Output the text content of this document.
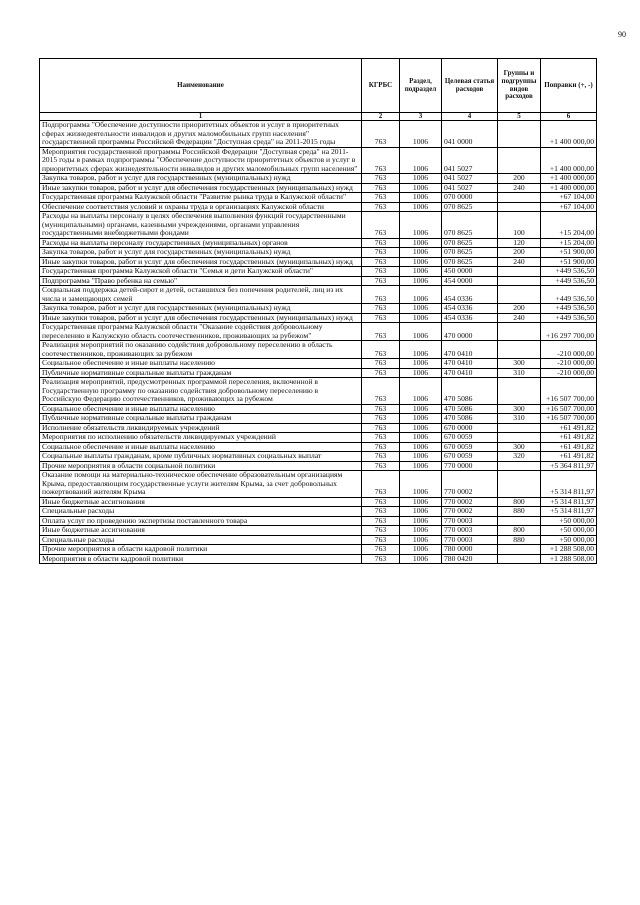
90
Наименование	КГРБС	Раздел, подраздел	Целевая статья расходов	Группы и подгруппы видов расходов	Поправки (+, -)
1	2	3	4	5	6
Подпрограмма "Обеспечение доступности приоритетных объектов и услуг в приоритетных сферах жизнедеятельности инвалидов и других маломобильных групп населения" государственной программы Российской Федерации "Доступная среда" на 2011-2015 годы	763	1006	041 0000		+1 400 000,00
Мероприятия государственной программы Российской Федерации "Доступная среда" на 2011-2015 годы в рамках подпрограммы "Обеспечение доступности приоритетных объектов и услуг в приоритетных сферах жизнедеятельности инвалидов и других маломобильных групп населения"	763	1006	041 5027		+1 400 000,00
Закупка товаров, работ и услуг для государственных (муниципальных) нужд	763	1006	041 5027	200	+1 400 000,00
Иные закупки товаров, работ и услуг для обеспечения государственных (муниципальных) нужд	763	1006	041 5027	240	+1 400 000,00
Государственная программа Калужской области "Развитие рынка труда в Калужской области"	763	1006	070 0000		+67 104,00
Обеспечение соответствия условий и охраны труда в организациях Калужской области	763	1006	070 8625		+67 104,00
Расходы на выплаты персоналу в целях обеспечения выполнения функций государственными (муниципальными) органами, казенными учреждениями, органами управления государственными внебюджетными фондами	763	1006	070 8625	100	+15 204,00
Расходы на выплаты персоналу государственных (муниципальных) органов	763	1006	070 8625	120	+15 204,00
Закупка товаров, работ и услуг для государственных (муниципальных) нужд	763	1006	070 8625	200	+51 900,00
Иные закупки товаров, работ и услуг для обеспечения государственных (муниципальных) нужд	763	1006	070 8625	240	+51 900,00
Государственная программа Калужской области "Семья и дети Калужской области"	763	1006	450 0000		+449 536,50
Подпрограмма "Право ребенка на семью"	763	1006	454 0000		+449 536,50
Социальная поддержка детей-сирот и детей, оставшихся без попечения родителей, лиц из их числа и замещающих семей	763	1006	454 0336		+449 536,50
Закупка товаров, работ и услуг для государственных (муниципальных) нужд	763	1006	454 0336	200	+449 536,50
Иные закупки товаров, работ и услуг для обеспечения государственных (муниципальных) нужд	763	1006	454 0336	240	+449 536,50
Государственная программа Калужской области "Оказание содействия добровольному переселению в Калужскую область соотечественников, проживающих за рубежом"	763	1006	470 0000		+16 297 700,00
Реализация мероприятий по оказанию содействия добровольному переселению в область соотечественников, проживающих за рубежом	763	1006	470 0410		-210 000,00
Социальное обеспечение и иные выплаты населению	763	1006	470 0410	300	-210 000,00
Публичные нормативные социальные выплаты гражданам	763	1006	470 0410	310	-210 000,00
Реализация мероприятий, предусмотренных программой переселения, включенной в Государственную программу по оказанию содействия добровольному переселению в Российскую Федерацию соотечественников, проживающих за рубежом	763	1006	470 5086		+16 507 700,00
Социальное обеспечение и иные выплаты населению	763	1006	470 5086	300	+16 507 700,00
Публичные нормативные социальные выплаты гражданам	763	1006	470 5086	310	+16 507 700,00
Исполнение обязательств ликвидируемых учреждений	763	1006	670 0000		+61 491,82
Мероприятия по исполнению обязательств ликвидируемых учреждений	763	1006	670 0059		+61 491,82
Социальное обеспечение и иные выплаты населению	763	1006	670 0059	300	+61 491,82
Социальные выплаты гражданам, кроме публичных нормативных социальных выплат	763	1006	670 0059	320	+61 491,82
Прочие мероприятия в области социальной политики	763	1006	770 0000		+5 364 811,97
Оказание помощи на материально-техническое обеспечение образовательным организациям Крыма, предоставляющим государственные услуги жителям Крыма, за счет добровольных пожертвований жителям Крыма	763	1006	770 0002		+5 314 811,97
Иные бюджетные ассигнования	763	1006	770 0002	800	+5 314 811,97
Специальные расходы	763	1006	770 0002	880	+5 314 811,97
Оплата услуг по проведению экспертизы поставленного товара	763	1006	770 0003		+50 000,00
Иные бюджетные ассигнования	763	1006	770 0003	800	+50 000,00
Специальные расходы	763	1006	770 0003	880	+50 000,00
Прочие мероприятия в области кадровой политики	763	1006	780 0000		+1 288 508,00
Мероприятия в области кадровой политики	763	1006	780 0420		+1 288 508,00
